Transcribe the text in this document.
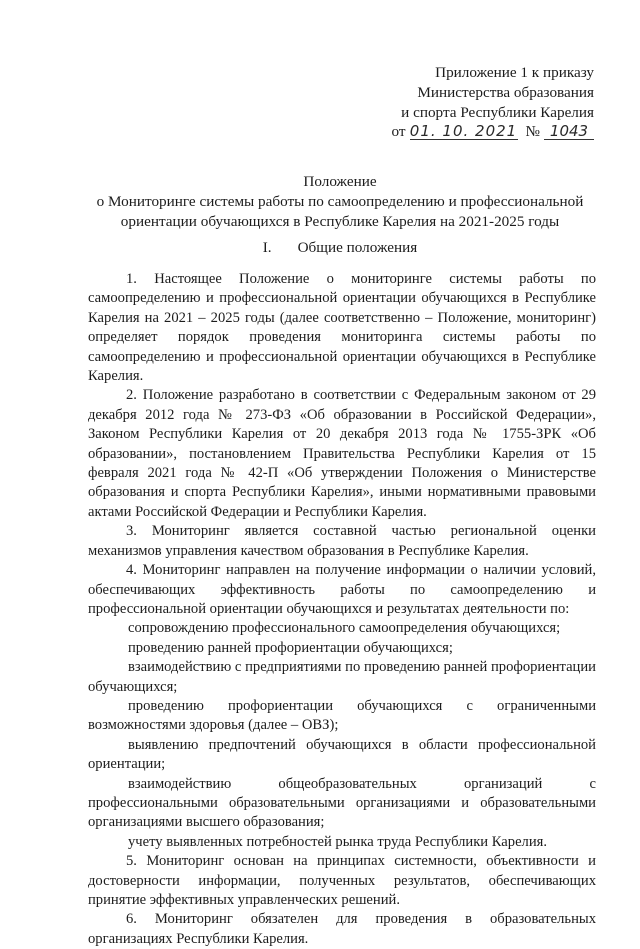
Приложение 1 к приказу
Министерства образования
и спорта Республики Карелия
от 01. 10. 2021 № 1043
Положение
о Мониторинге системы работы по самоопределению и профессиональной
ориентации обучающихся в Республике Карелия на 2021-2025 годы
I. Общие положения

1. Настоящее Положение о мониторинге системы работы по самоопределению и профессиональной ориентации обучающихся в Республике Карелия на 2021 – 2025 годы (далее соответственно – Положение, мониторинг) определяет порядок проведения мониторинга системы работы по самоопределению и профессиональной ориентации обучающихся в Республике Карелия.

2. Положение разработано в соответствии с Федеральным законом от 29 декабря 2012 года № 273-ФЗ «Об образовании в Российской Федерации», Законом Республики Карелия от 20 декабря 2013 года № 1755-ЗРК «Об образовании», постановлением Правительства Республики Карелия от 15 февраля 2021 года № 42-П «Об утверждении Положения о Министерстве образования и спорта Республики Карелия», иными нормативными правовыми актами Российской Федерации и Республики Карелия.

3. Мониторинг является составной частью региональной оценки механизмов управления качеством образования в Республике Карелия.

4. Мониторинг направлен на получение информации о наличии условий, обеспечивающих эффективность работы по самоопределению и профессиональной ориентации обучающихся и результатах деятельности по:

сопровождению профессионального самоопределения обучающихся;

проведению ранней профориентации обучающихся;

взаимодействию с предприятиями по проведению ранней профориентации обучающихся;

проведению профориентации обучающихся с ограниченными возможностями здоровья (далее – ОВЗ);

выявлению предпочтений обучающихся в области профессиональной ориентации;

взаимодействию общеобразовательных организаций с профессиональными образовательными организациями и образовательными организациями высшего образования;

учету выявленных потребностей рынка труда Республики Карелия.

5. Мониторинг основан на принципах системности, объективности и достоверности информации, полученных результатов, обеспечивающих принятие эффективных управленческих решений.

6. Мониторинг обязателен для проведения в образовательных организациях Республики Карелия.
